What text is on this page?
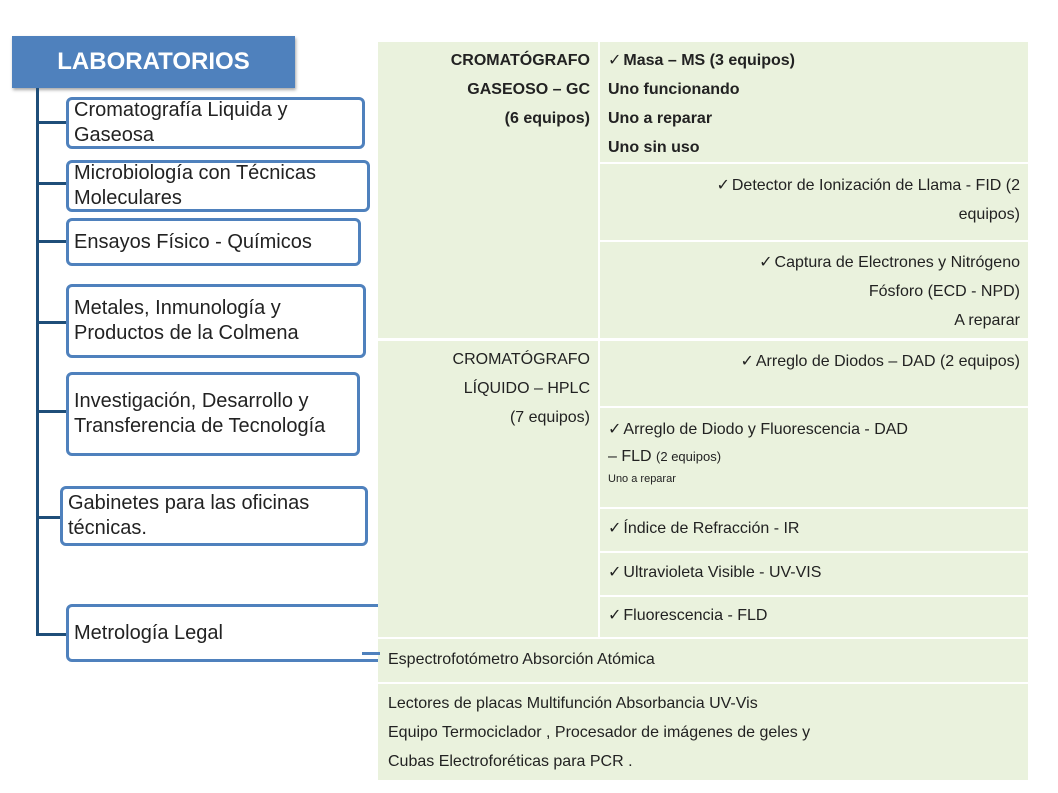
LABORATORIOS
Cromatografía Liquida y Gaseosa
Microbiología con Técnicas Moleculares
Ensayos Físico - Químicos
Metales, Inmunología y Productos de la Colmena
Investigación, Desarrollo y Transferencia de Tecnología
Gabinetes para las oficinas técnicas.
Metrología Legal
CROMATÓGRAFO
GASEOSO – GC
(6 equipos)
✓ Masa – MS (3 equipos)
Uno funcionando
Uno a reparar
Uno sin uso
✓ Detector de Ionización de Llama - FID (2
equipos)
✓ Captura de Electrones y Nitrógeno
Fósforo (ECD - NPD)
A reparar
CROMATÓGRAFO
LÍQUIDO – HPLC
(7 equipos)
✓ Arreglo de Diodos – DAD (2 equipos)
✓ Arreglo de Diodo y Fluorescencia - DAD
– FLD (2 equipos)
Uno a reparar
✓ Índice de Refracción - IR
✓ Ultravioleta Visible - UV-VIS
✓ Fluorescencia - FLD
Espectrofotómetro Absorción Atómica
Lectores de placas Multifunción Absorbancia UV-Vis
Equipo Termociclador , Procesador de imágenes de geles y
Cubas Electroforéticas para PCR .
